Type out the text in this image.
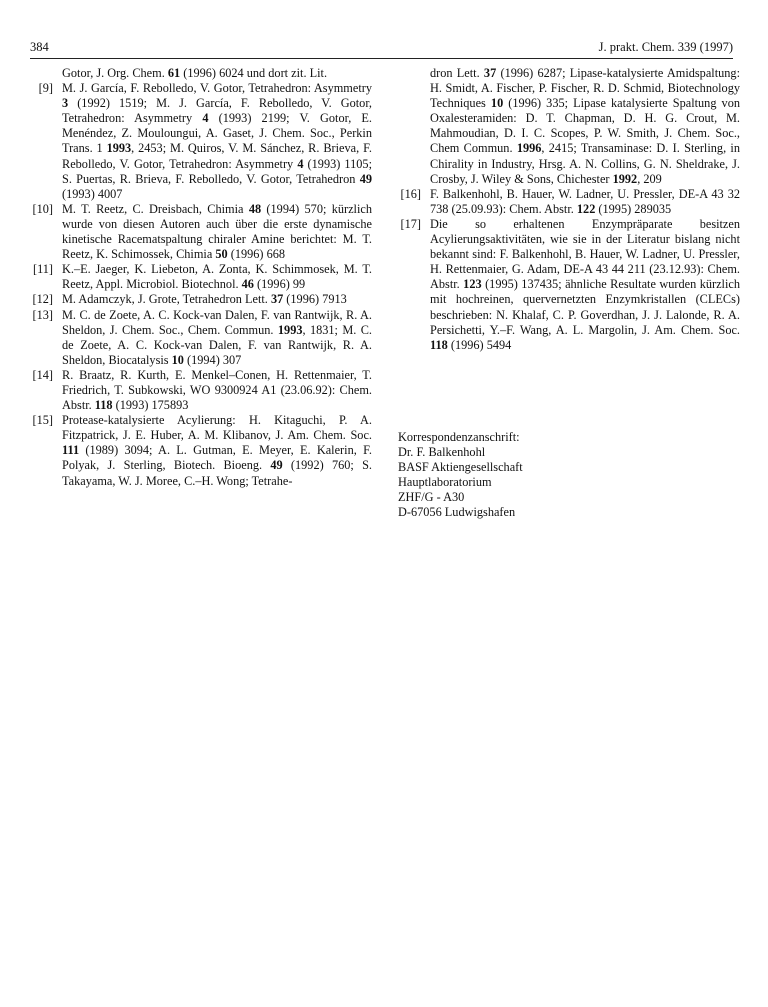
384	J. prakt. Chem. 339 (1997)
Gotor, J. Org. Chem. 61 (1996) 6024 und dort zit. Lit.
[9] M. J. García, F. Rebolledo, V. Gotor, Tetrahedron: Asymmetry 3 (1992) 1519; M. J. García, F. Rebolledo, V. Gotor, Tetrahedron: Asymmetry 4 (1993) 2199; V. Gotor, E. Menéndez, Z. Mouloungui, A. Gaset, J. Chem. Soc., Perkin Trans. 1 1993, 2453; M. Quiros, V. M. Sánchez, R. Brieva, F. Rebolledo, V. Gotor, Tetrahedron: Asymmetry 4 (1993) 1105; S. Puertas, R. Brieva, F. Rebolledo, V. Gotor, Tetrahedron 49 (1993) 4007
[10] M. T. Reetz, C. Dreisbach, Chimia 48 (1994) 570; kürzlich wurde von diesen Autoren auch über die erste dynamische kinetische Racematspaltung chiraler Amine berichtet: M. T. Reetz, K. Schimossek, Chimia 50 (1996) 668
[11] K.–E. Jaeger, K. Liebeton, A. Zonta, K. Schimmosek, M. T. Reetz, Appl. Microbiol. Biotechnol. 46 (1996) 99
[12] M. Adamczyk, J. Grote, Tetrahedron Lett. 37 (1996) 7913
[13] M. C. de Zoete, A. C. Kock-van Dalen, F. van Rantwijk, R. A. Sheldon, J. Chem. Soc., Chem. Commun. 1993, 1831; M. C. de Zoete, A. C. Kock-van Dalen, F. van Rantwijk, R. A. Sheldon, Biocatalysis 10 (1994) 307
[14] R. Braatz, R. Kurth, E. Menkel–Conen, H. Rettenmaier, T. Friedrich, T. Subkowski, WO 9300924 A1 (23.06.92): Chem. Abstr. 118 (1993) 175893
[15] Protease-katalysierte Acylierung: H. Kitaguchi, P. A. Fitzpatrick, J. E. Huber, A. M. Klibanov, J. Am. Chem. Soc. 111 (1989) 3094; A. L. Gutman, E. Meyer, E. Kalerin, F. Polyak, J. Sterling, Biotech. Bioeng. 49 (1992) 760; S. Takayama, W. J. Moree, C.–H. Wong; Tetrahe-
dron Lett. 37 (1996) 6287; Lipase-katalysierte Amidspaltung: H. Smidt, A. Fischer, P. Fischer, R. D. Schmid, Biotechnology Techniques 10 (1996) 335; Lipase katalysierte Spaltung von Oxalesteramiden: D. T. Chapman, D. H. G. Crout, M. Mahmoudian, D. I. C. Scopes, P. W. Smith, J. Chem. Soc., Chem Commun. 1996, 2415; Transaminase: D. I. Sterling, in Chirality in Industry, Hrsg. A. N. Collins, G. N. Sheldrake, J. Crosby, J. Wiley & Sons, Chichester 1992, 209
[16] F. Balkenhohl, B. Hauer, W. Ladner, U. Pressler, DE-A 43 32 738 (25.09.93): Chem. Abstr. 122 (1995) 289035
[17] Die so erhaltenen Enzympräparate besitzen Acylierungsaktivitäten, wie sie in der Literatur bislang nicht bekannt sind: F. Balkenhohl, B. Hauer, W. Ladner, U. Pressler, H. Rettenmaier, G. Adam, DE-A 43 44 211 (23.12.93): Chem. Abstr. 123 (1995) 137435; ähnliche Resultate wurden kürzlich mit hochreinen, quervernetzten Enzymkristallen (CLECs) beschrieben: N. Khalaf, C. P. Goverdhan, J. J. Lalonde, R. A. Persichetti, Y.–F. Wang, A. L. Margolin, J. Am. Chem. Soc. 118 (1996) 5494
Korrespondenzanschrift:
Dr. F. Balkenhohl
BASF Aktiengesellschaft
Hauptlaboratorium
ZHF/G - A30
D-67056 Ludwigshafen
